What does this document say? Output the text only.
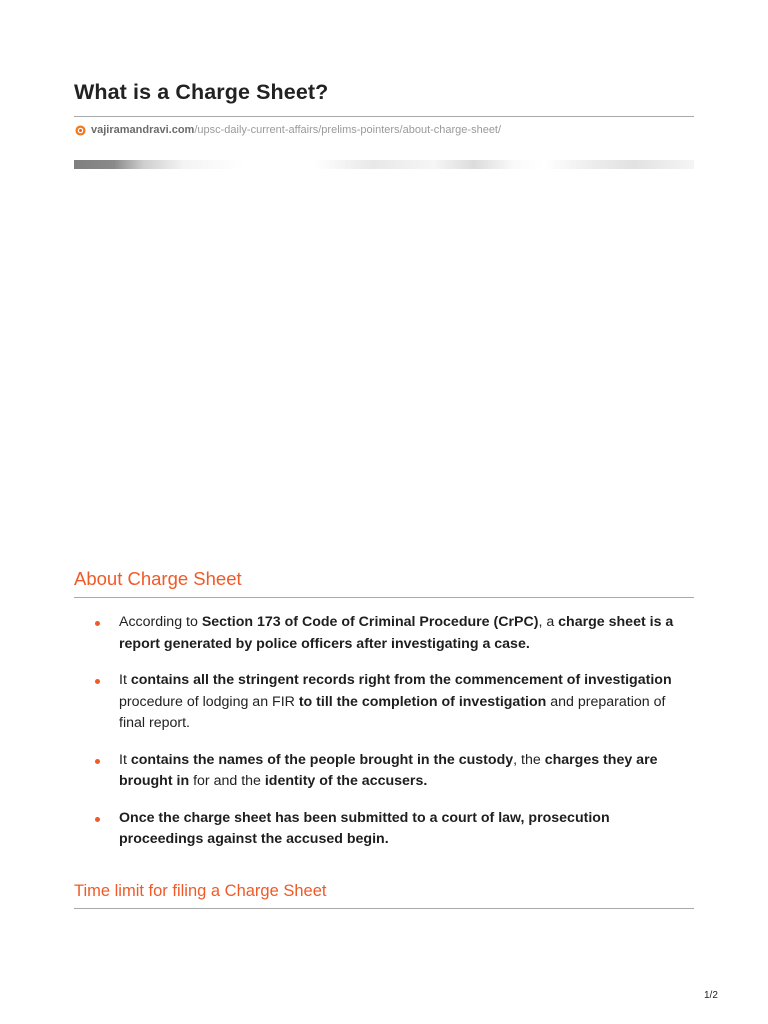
What is a Charge Sheet?
vajiramandravi.com /upsc-daily-current-affairs/prelims-pointers/about-charge-sheet/
About Charge Sheet
According to Section 173 of Code of Criminal Procedure (CrPC), a charge sheet is a report generated by police officers after investigating a case.
It contains all the stringent records right from the commencement of investigation procedure of lodging an FIR to till the completion of investigation and preparation of final report.
It contains the names of the people brought in the custody, the charges they are brought in for and the identity of the accusers.
Once the charge sheet has been submitted to a court of law, prosecution proceedings against the accused begin.
Time limit for filing a Charge Sheet
1/2
